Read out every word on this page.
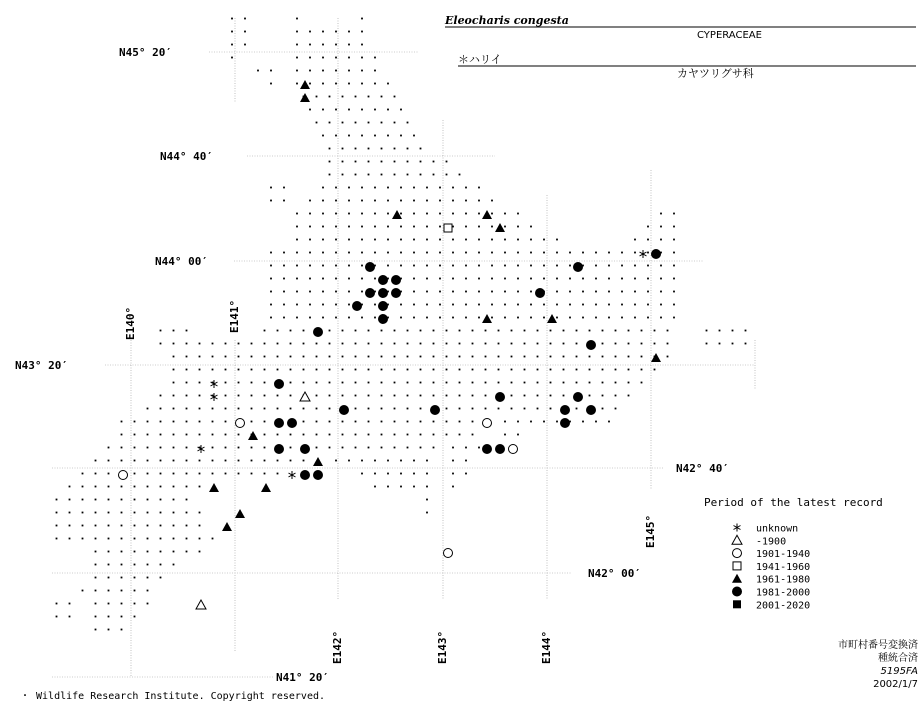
Eleocharis congesta
CYPERACEAE
＊ハリイ
カヤツリグサ科
N45° 20′
N44° 40′
N44° 00′
N43° 20′
N42° 40′
N42° 00′
N41° 20′
E140°	E141°
E142°	E143°	E144°
E145°
Period of the latest record
unknown
-1900
1901-1940
1941-1960
1961-1980
1981-2000
2001-2020
市町村番号変換済
種統合済
5195FA
2002/1/7
・ Wildlife Research Institute. Copyright reserved.
